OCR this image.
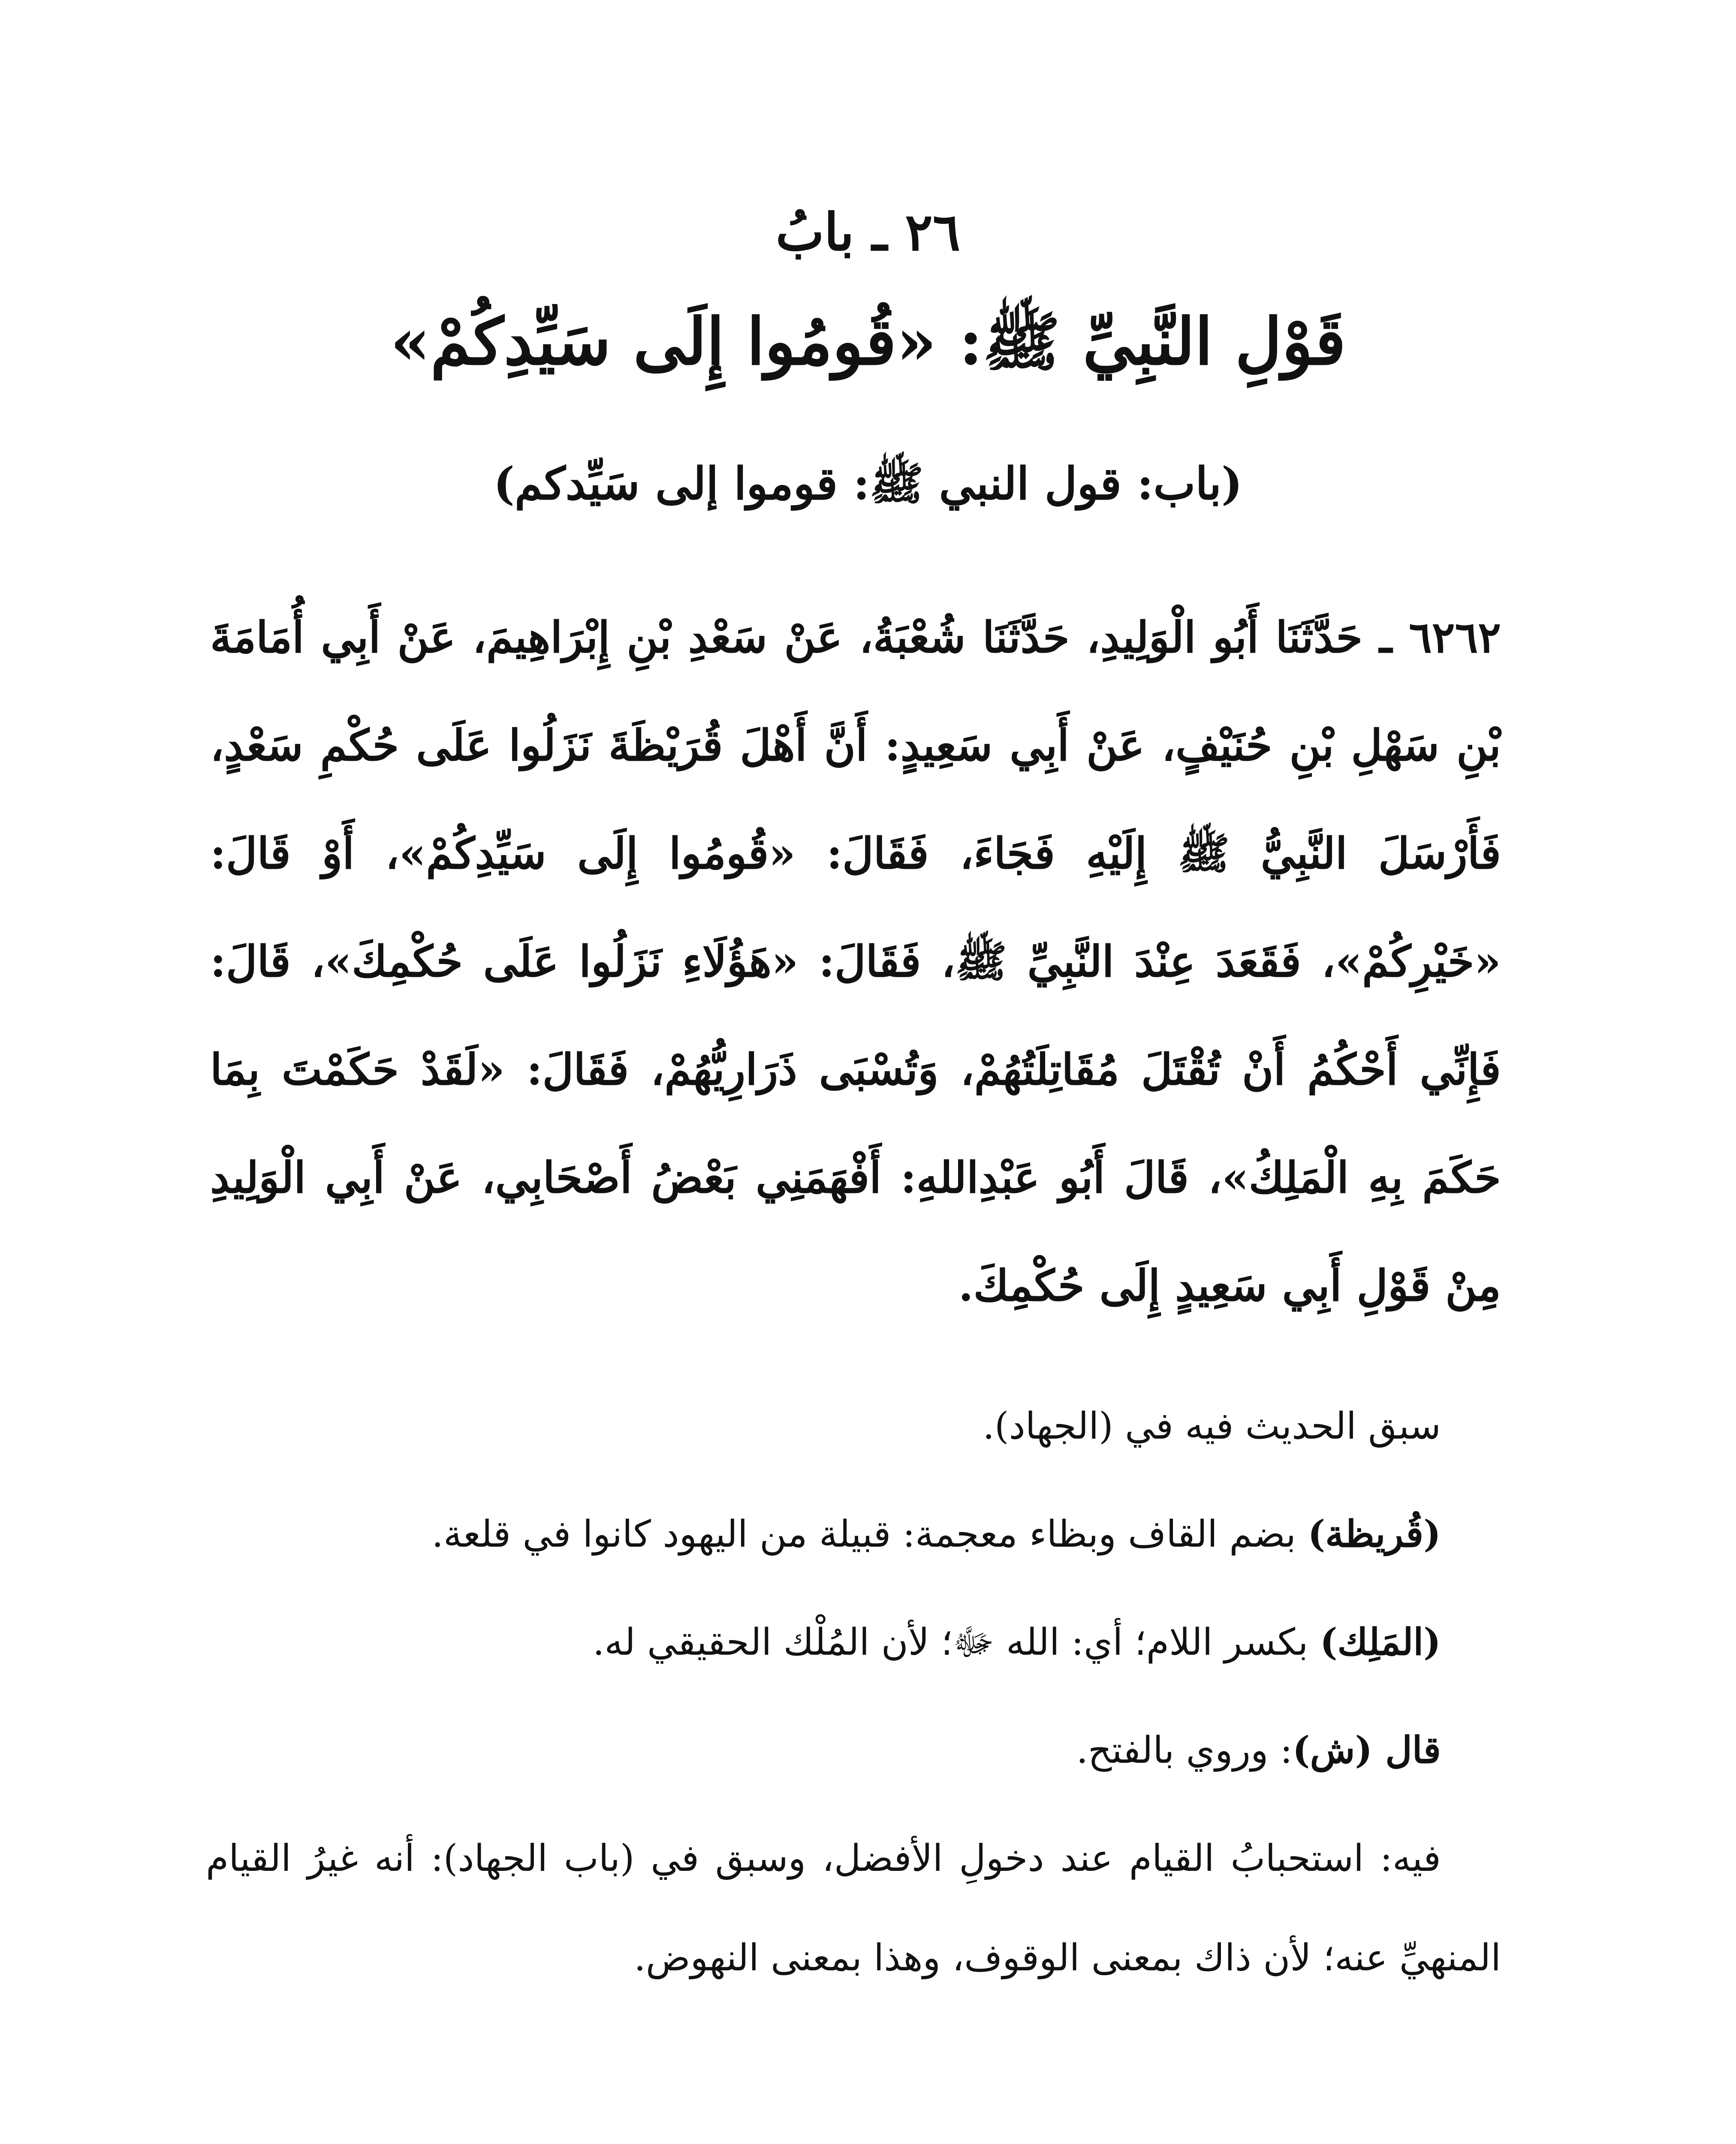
٢٦ ـ بابُ
قَوْلِ النَّبِيِّ ﷺ: «قُومُوا إِلَى سَيِّدِكُمْ»
(باب: قول النبي ﷺ: قوموا إلى سَيِّدكم)
٦٢٦٢ ـ حَدَّثَنَا أَبُو الْوَلِيدِ، حَدَّثَنَا شُعْبَةُ، عَنْ سَعْدِ بْنِ إِبْرَاهِيمَ، عَنْ أَبِي أُمَامَةَ بْنِ سَهْلِ بْنِ حُنَيْفٍ، عَنْ أَبِي سَعِيدٍ: أَنَّ أَهْلَ قُرَيْظَةَ نَزَلُوا عَلَى حُكْمِ سَعْدٍ، فَأَرْسَلَ النَّبِيُّ ﷺ إِلَيْهِ فَجَاءَ، فَقَالَ: «قُومُوا إِلَى سَيِّدِكُمْ»، أَوْ قَالَ: «خَيْرِكُمْ»، فَقَعَدَ عِنْدَ النَّبِيِّ ﷺ، فَقَالَ: «هَؤُلَاءِ نَزَلُوا عَلَى حُكْمِكَ»، قَالَ: فَإِنِّي أَحْكُمُ أَنْ تُقْتَلَ مُقَاتِلَتُهُمْ، وَتُسْبَى ذَرَارِيُّهُمْ، فَقَالَ: «لَقَدْ حَكَمْتَ بِمَا حَكَمَ بِهِ الْمَلِكُ»، قَالَ أَبُو عَبْدِاللهِ: أَفْهَمَنِي بَعْضُ أَصْحَابِي، عَنْ أَبِي الْوَلِيدِ مِنْ قَوْلِ أَبِي سَعِيدٍ إِلَى حُكْمِكَ.

سبق الحديث فيه في (الجهاد).

(قُريظة) بضم القاف وبظاء معجمة: قبيلة من اليهود كانوا في قلعة.

(المَلِك) بكسر اللام؛ أي: الله ﷻ؛ لأن المُلْك الحقيقي له.

قال (ش): وروي بالفتح.

فيه: استحبابُ القيام عند دخولِ الأفضل، وسبق في (باب الجهاد): أنه غيرُ القيام المنهيِّ عنه؛ لأن ذاك بمعنى الوقوف، وهذا بمعنى النهوض.
